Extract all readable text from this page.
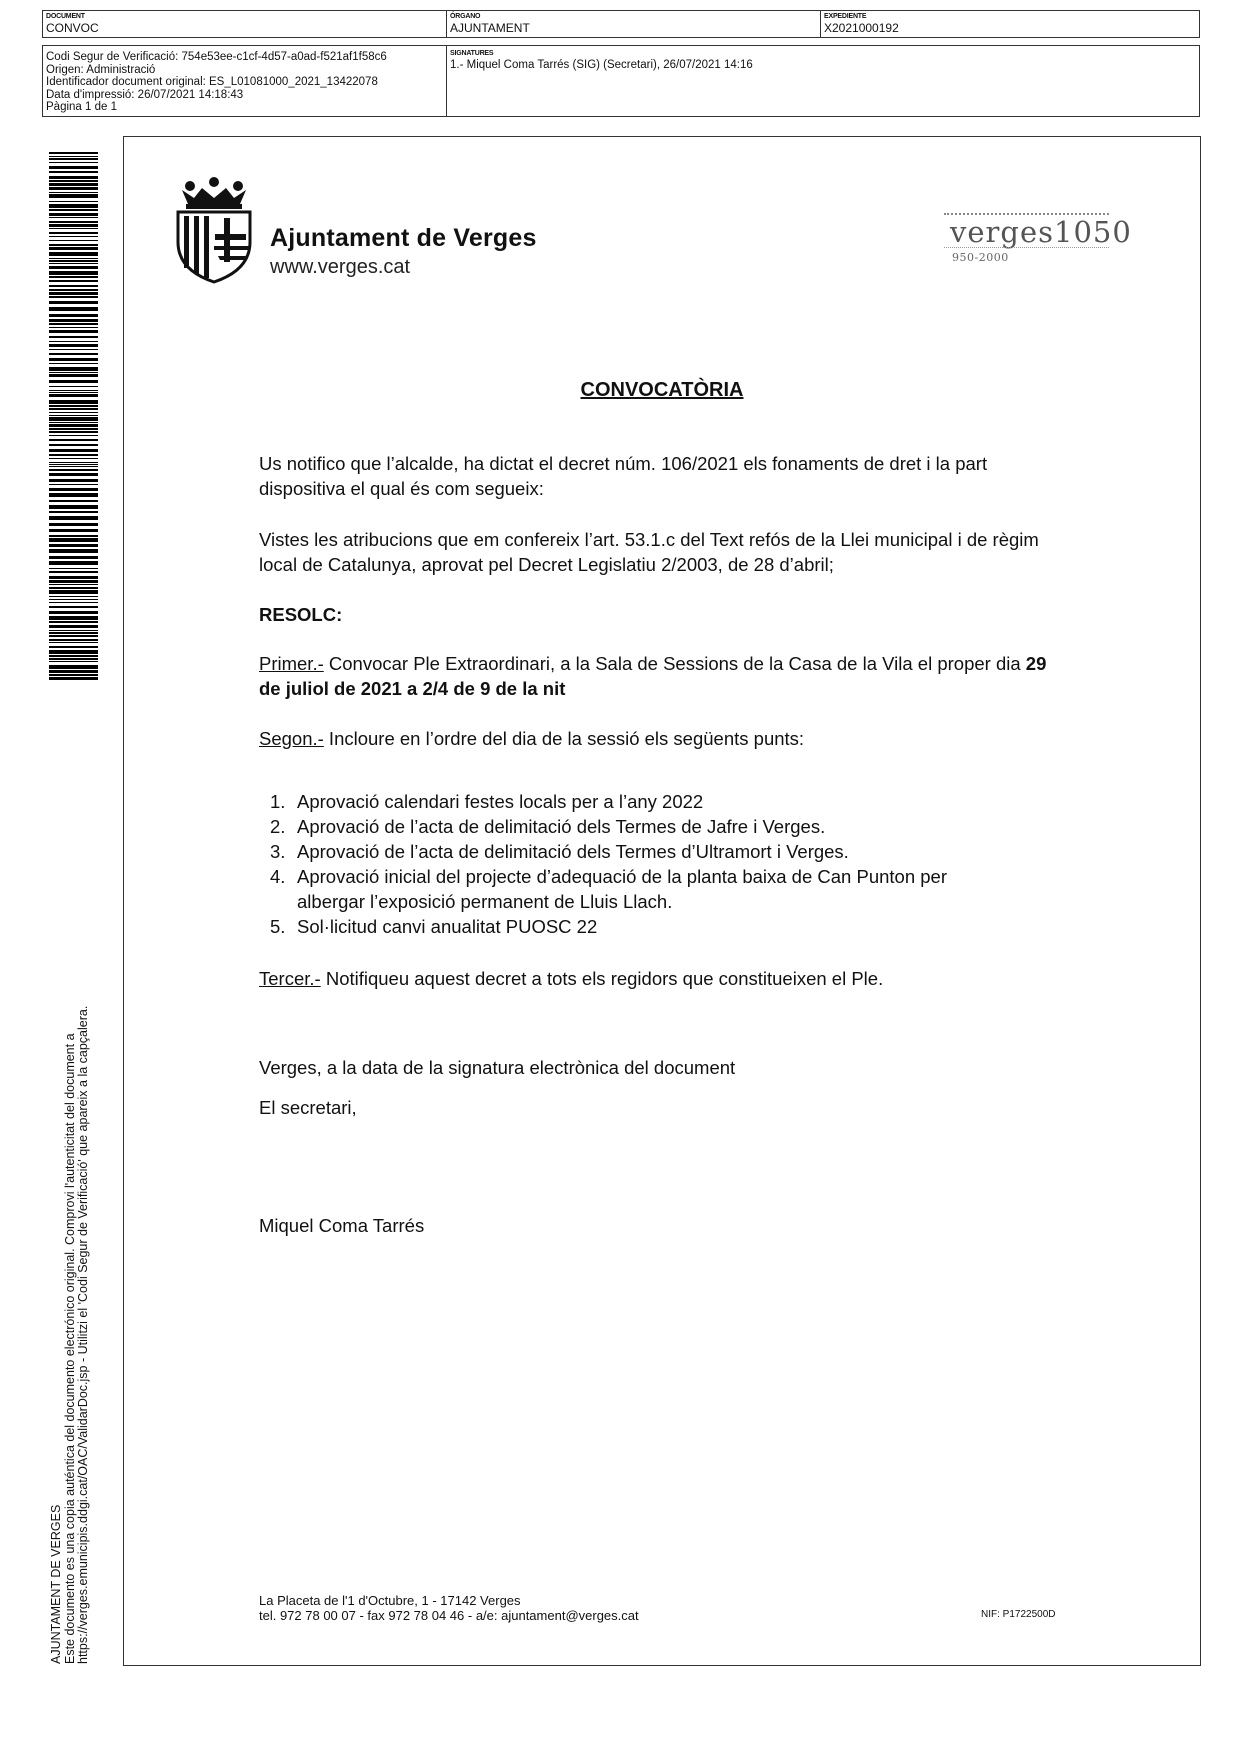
DOCUMENT
CONVOC
ÓRGANO
AJUNTAMENT
EXPEDIENTE
X2021000192
Codi Segur de Verificació: 754e53ee-c1cf-4d57-a0ad-f521af1f58c6
Origen: Administració
Identificador document original: ES_L01081000_2021_13422078
Data d'impressió: 26/07/2021 14:18:43
Pàgina 1 de 1
SIGNATURES
1.- Miquel Coma Tarrés (SIG) (Secretari), 26/07/2021 14:16
AJUNTAMENT DE VERGES Este documento es una copia auténtica del documento electrónico original. Comprovi l'autenticitat del document a https://verges.emunicipis.ddgi.cat/OAC/ValidarDoc.jsp - Utilitzi el 'Codi Segur de Verificació' que apareix a la capçalera.
Ajuntament de Verges
www.verges.cat
verges1050
950-2000
CONVOCATÒRIA
Us notifico que l’alcalde, ha dictat el decret núm. 106/2021 els fonaments de dret i la part dispositiva el qual és com segueix:
Vistes les atribucions que em confereix l’art. 53.1.c del Text refós de la Llei municipal i de règim local de Catalunya, aprovat pel Decret Legislatiu 2/2003, de 28 d’abril;
RESOLC:
Primer.- Convocar Ple Extraordinari, a la Sala de Sessions de la Casa de la Vila el proper dia 29 de juliol de 2021 a 2/4 de 9 de la nit
Segon.- Incloure en l’ordre del dia de la sessió els següents punts:
1. Aprovació calendari festes locals per a l’any 2022
2. Aprovació de l’acta de delimitació dels Termes de Jafre i Verges.
3. Aprovació de l’acta de delimitació dels Termes d’Ultramort i Verges.
4. Aprovació inicial del projecte d’adequació de la planta baixa de Can Punton per albergar l’exposició permanent de Lluis Llach.
5. Sol·licitud canvi anualitat PUOSC 22
Tercer.- Notifiqueu aquest decret a tots els regidors que constitueixen el Ple.
Verges, a la data de la signatura electrònica del document
El secretari,
Miquel Coma Tarrés
La Placeta de l'1 d'Octubre, 1 - 17142 Verges
tel. 972 78 00 07 - fax 972 78 04 46 - a/e: ajuntament@verges.cat	NIF: P1722500D
